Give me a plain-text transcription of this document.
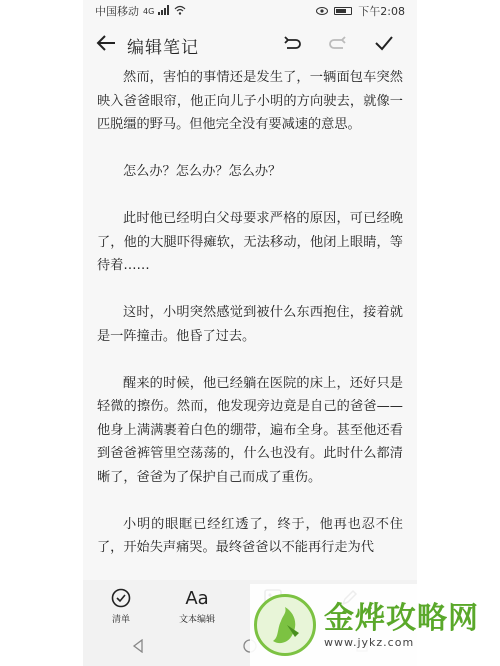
中国移动 4G	下午2:08
编辑笔记

然而，害怕的事情还是发生了，一辆面包车突然映入爸爸眼帘，他正向儿子小明的方向驶去，就像一匹脱缰的野马。但他完全没有要减速的意思。

怎么办？怎么办？怎么办？

此时他已经明白父母要求严格的原因，可已经晚了，他的大腿吓得瘫软，无法移动，他闭上眼睛，等待着……

这时，小明突然感觉到被什么东西抱住，接着就是一阵撞击。他昏了过去。

醒来的时候，他已经躺在医院的床上，还好只是轻微的擦伤。然而，他发现旁边竟是自己的爸爸——他身上满满裹着白色的绷带，遍布全身。甚至他还看到爸爸裤管里空荡荡的，什么也没有。此时什么都清晰了，爸爸为了保护自己而成了重伤。

小明的眼眶已经红透了，终于，他再也忍不住了，开始失声痛哭。最终爸爸以不能再行走为代

清单
Aa
文本编辑	金烨攻略网
www.jykz.com
